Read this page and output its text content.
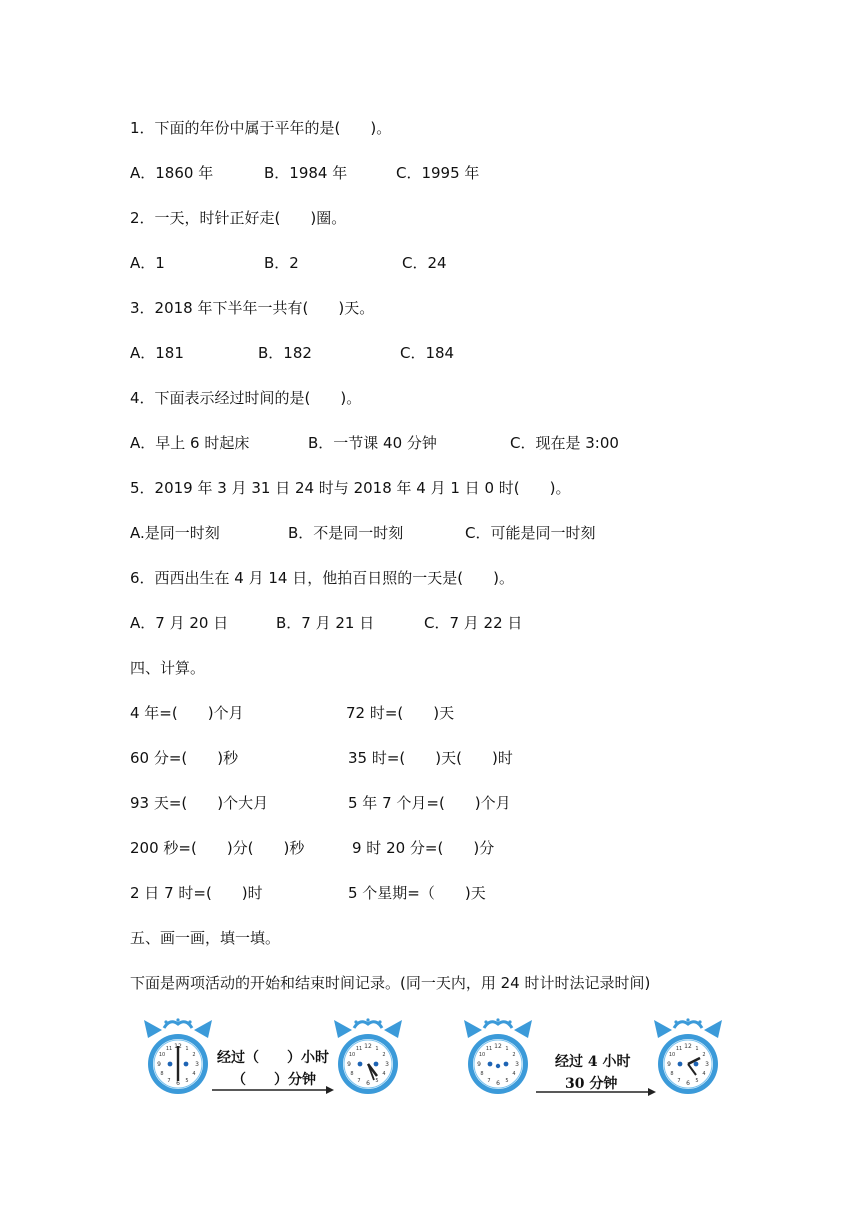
1．下面的年份中属于平年的是(　　)。
A．1860 年	B．1984 年	C．1995 年
2．一天，时针正好走(　　)圈。
A．1	B．2	C．24
3．2018 年下半年一共有(　　)天。
A．181	B．182	C．184
4．下面表示经过时间的是(　　)。
A．早上 6 时起床	B．一节课 40 分钟	C．现在是 3:00
5．2019 年 3 月 31 日 24 时与 2018 年 4 月 1 日 0 时(　　)。
A.是同一时刻	B．不是同一时刻	C．可能是同一时刻
6．西西出生在 4 月 14 日，他拍百日照的一天是(　　)。
A．7 月 20 日	B．7 月 21 日	C．7 月 22 日
四、计算。
4 年=(　　)个月	72 时=(　　)天
60 分=(　　)秒	35 时=(　　)天(　　)时
93 天=(　　)个大月	5 年 7 个月=(　　)个月
200 秒=(　　)分(　　)秒	9 时 20 分=(　　)分
2 日 7 时=(　　)时	5 个星期=（　　)天
五、画一画，填一填。
下面是两项活动的开始和结束时间记录。(同一天内，用 24 时计时法记录时间)
经过（　　）小时
（　　）分钟
经过 4 小时
30 分钟
